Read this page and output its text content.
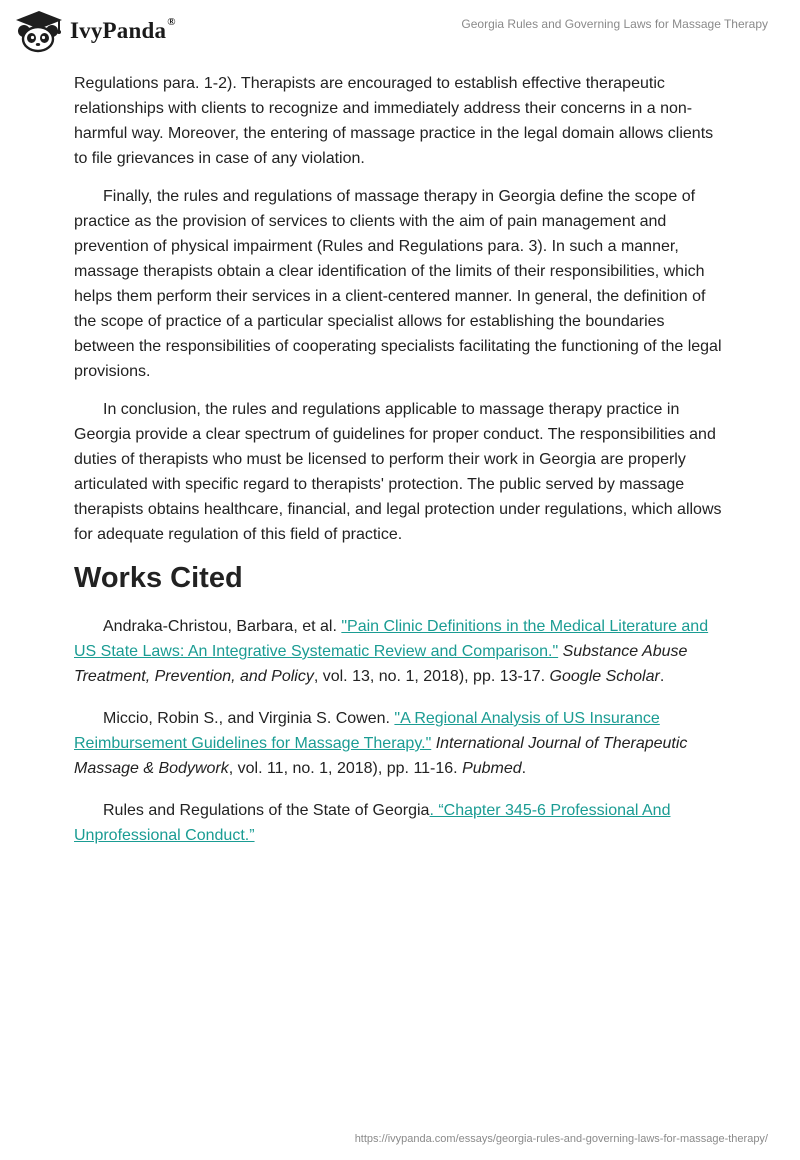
IvyPanda®	Georgia Rules and Governing Laws for Massage Therapy

Regulations para. 1-2). Therapists are encouraged to establish effective therapeutic relationships with clients to recognize and immediately address their concerns in a non-harmful way. Moreover, the entering of massage practice in the legal domain allows clients to file grievances in case of any violation.

Finally, the rules and regulations of massage therapy in Georgia define the scope of practice as the provision of services to clients with the aim of pain management and prevention of physical impairment (Rules and Regulations para. 3). In such a manner, massage therapists obtain a clear identification of the limits of their responsibilities, which helps them perform their services in a client-centered manner. In general, the definition of the scope of practice of a particular specialist allows for establishing the boundaries between the responsibilities of cooperating specialists facilitating the functioning of the legal provisions.

In conclusion, the rules and regulations applicable to massage therapy practice in Georgia provide a clear spectrum of guidelines for proper conduct. The responsibilities and duties of therapists who must be licensed to perform their work in Georgia are properly articulated with specific regard to therapists' protection. The public served by massage therapists obtains healthcare, financial, and legal protection under regulations, which allows for adequate regulation of this field of practice.

Works Cited

Andraka-Christou, Barbara, et al. "Pain Clinic Definitions in the Medical Literature and US State Laws: An Integrative Systematic Review and Comparison." Substance Abuse Treatment, Prevention, and Policy, vol. 13, no. 1, 2018), pp. 13-17. Google Scholar.

Miccio, Robin S., and Virginia S. Cowen. "A Regional Analysis of US Insurance Reimbursement Guidelines for Massage Therapy." International Journal of Therapeutic Massage & Bodywork, vol. 11, no. 1, 2018), pp. 11-16. Pubmed.

Rules and Regulations of the State of Georgia. “Chapter 345-6 Professional And Unprofessional Conduct.”

https://ivypanda.com/essays/georgia-rules-and-governing-laws-for-massage-therapy/
